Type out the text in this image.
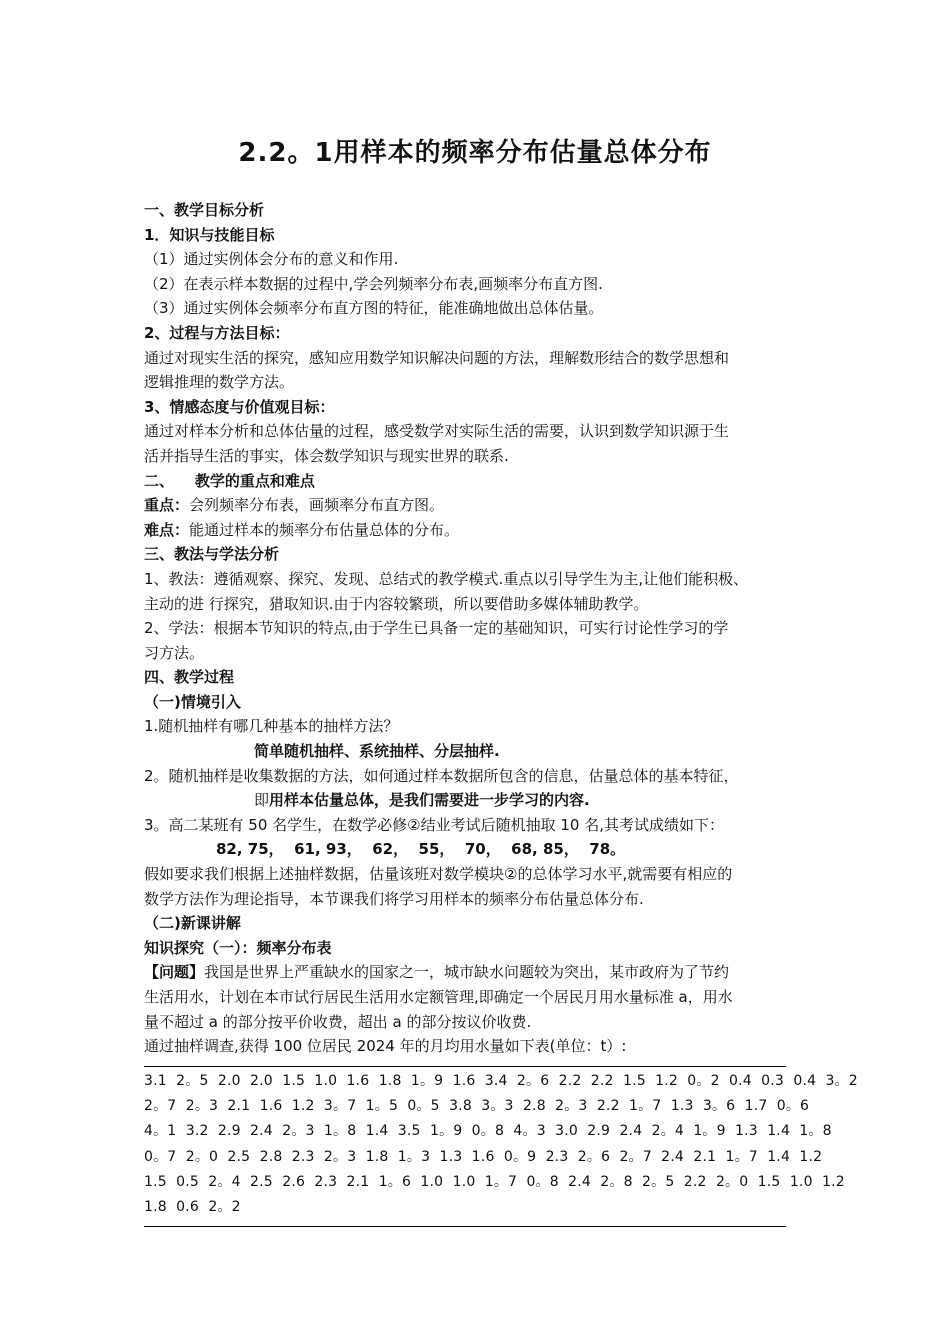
2.2。1用样本的频率分布估量总体分布

一、教学目标分析

1．知识与技能目标

（1）通过实例体会分布的意义和作用.

（2）在表示样本数据的过程中,学会列频率分布表,画频率分布直方图.

（3）通过实例体会频率分布直方图的特征，能准确地做出总体估量。

2、过程与方法目标：

通过对现实生活的探究，感知应用数学知识解决问题的方法，理解数形结合的数学思想和

逻辑推理的数学方法。

3、情感态度与价值观目标：

通过对样本分析和总体估量的过程，感受数学对实际生活的需要，认识到数学知识源于生

活并指导生活的事实，体会数学知识与现实世界的联系.

二、    教学的重点和难点

重点：会列频率分布表，画频率分布直方图。

难点：能通过样本的频率分布估量总体的分布。

三、教法与学法分析

1、教法：遵循观察、探究、发现、总结式的教学模式.重点以引导学生为主,让他们能积极、

主动的进 行探究，猎取知识.由于内容较繁琐，所以要借助多媒体辅助教学。

2、学法：根据本节知识的特点,由于学生已具备一定的基础知识，可实行讨论性学习的学

习方法。

四、教学过程

（一)情境引入

1.随机抽样有哪几种基本的抽样方法？

简单随机抽样、系统抽样、分层抽样.

2。随机抽样是收集数据的方法，如何通过样本数据所包含的信息，估量总体的基本特征，

即用样本估量总体，是我们需要进一步学习的内容.

3。高二某班有 50 名学生，在数学必修②结业考试后随机抽取 10 名,其考试成绩如下：

82, 75，  61, 93，  62，  55，  70，  68, 85，  78。

假如要求我们根据上述抽样数据，估量该班对数学模块②的总体学习水平,就需要有相应的

数学方法作为理论指导，本节课我们将学习用样本的频率分布估量总体分布.

（二)新课讲解

知识探究（一）：频率分布表

【问题】我国是世界上严重缺水的国家之一，城市缺水问题较为突出，某市政府为了节约

生活用水，计划在本市试行居民生活用水定额管理,即确定一个居民月用水量标准 a，用水

量不超过 a 的部分按平价收费，超出 a 的部分按议价收费.

通过抽样调查,获得 100 位居民 2024 年的月均用水量如下表(单位：t）:

3.1  2。5  2.0  2.0  1.5  1.0  1.6  1.8  1。9  1.6  3.4  2。6  2.2  2.2  1.5  1.2  0。2  0.4  0.3  0.4  3。2

2。7  2。3  2.1  1.6  1.2  3。7  1。5  0。5  3.8  3。3  2.8  2。3  2.2  1。7  1.3  3。6  1.7  0。6

4。1  3.2  2.9  2.4  2。3  1。8  1.4  3.5  1。9  0。8  4。3  3.0  2.9  2.4  2。4  1。9  1.3  1.4  1。8

0。7  2。0  2.5  2.8  2.3  2。3  1.8  1。3  1.3  1.6  0。9  2.3  2。6  2。7  2.4  2.1  1。7  1.4  1.2

1.5  0.5  2。4  2.5  2.6  2.3  2.1  1。6  1.0  1.0  1。7  0。8  2.4  2。8  2。5  2.2  2。0  1.5  1.0  1.2

1.8  0.6  2。2
